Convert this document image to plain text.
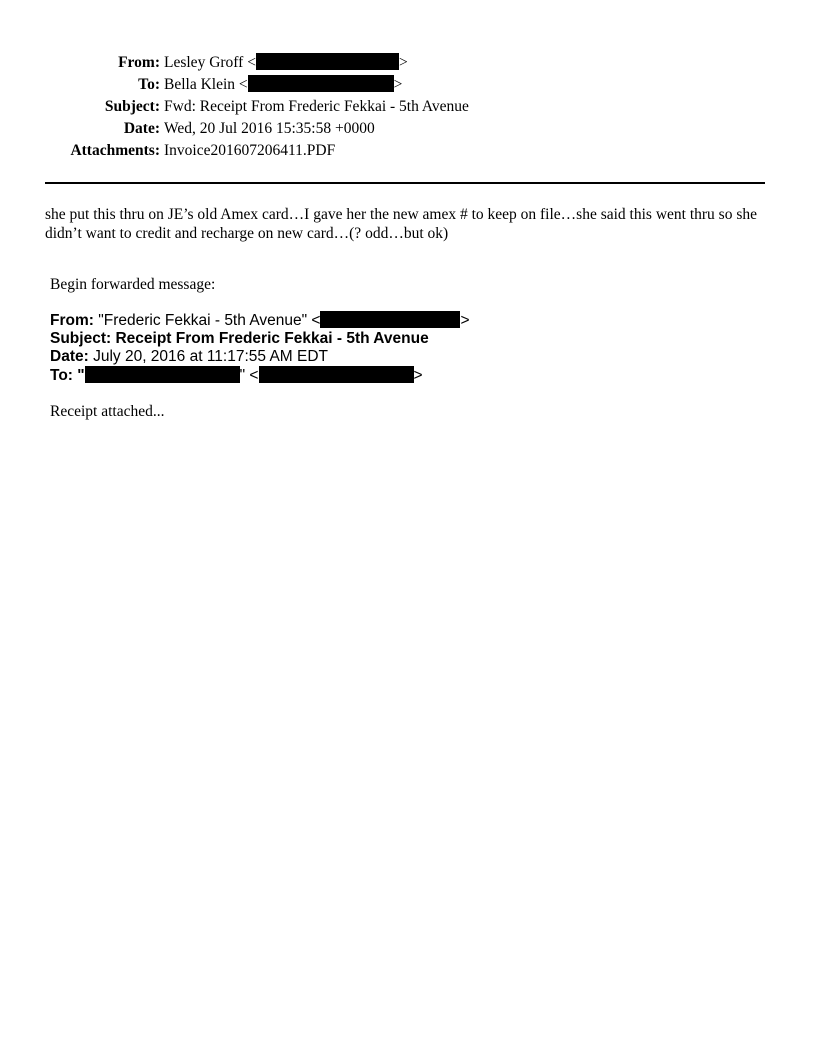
From:	Lesley Groff < >
To:	Bella Klein < >
Subject:	Fwd: Receipt From Frederic Fekkai - 5th Avenue
Date:	Wed, 20 Jul 2016 15:35:58 +0000
Attachments:	Invoice201607206411.PDF
she put this thru on JE’s old Amex card…I gave her the new amex # to keep on file…she said this went thru so she didn’t want to credit and recharge on new card…(? odd…but ok)
Begin forwarded message:
From: "Frederic Fekkai - 5th Avenue" <	>
Subject: Receipt From Frederic Fekkai - 5th Avenue
Date: July 20, 2016 at 11:17:55 AM EDT
To: "	" <	>
Receipt attached...
